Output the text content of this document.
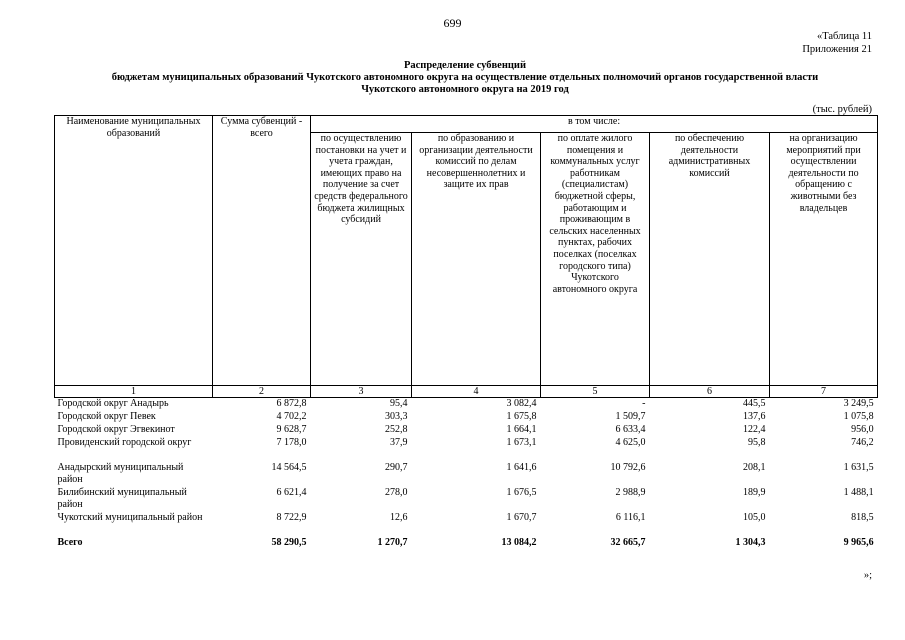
699
«Таблица 11
Приложения 21
Распределение субвенций
бюджетам муниципальных образований Чукотского автономного округа на осуществление отдельных полномочий органов государственной власти
Чукотского автономного округа на 2019 год
(тыс. рублей)
Наименование муниципальных образований	Сумма субвенций - всего	в том числе:				
		по осуществлению постановки на учет и учета граждан, имеющих право на получение за счет средств федерального бюджета жилищных субсидий	по образованию и организации деятельности комиссий по делам несовершеннолетних и защите их прав	по оплате жилого помещения и коммунальных услуг работникам (специалистам) бюджетной сферы, работающим и проживающим в сельских населенных пунктах, рабочих поселках (поселках городского типа) Чукотского автономного округа	по обеспечению деятельности административных комиссий	на организацию мероприятий при осуществлении деятельности по обращению с животными без владельцев
1	2	3	4	5	6	7
Городской округ Анадырь	6 872,8	95,4	3 082,4	-	445,5	3 249,5
Городской округ Певек	4 702,2	303,3	1 675,8	1 509,7	137,6	1 075,8
Городской округ Эгвекинот	9 628,7	252,8	1 664,1	6 633,4	122,4	956,0
Провиденский городской округ	7 178,0	37,9	1 673,1	4 625,0	95,8	746,2
Анадырский муниципальный район	14 564,5	290,7	1 641,6	10 792,6	208,1	1 631,5
Билибинский муниципальный район	6 621,4	278,0	1 676,5	2 988,9	189,9	1 488,1
Чукотский муниципальный район	8 722,9	12,6	1 670,7	6 116,1	105,0	818,5
Всего	58 290,5	1 270,7	13 084,2	32 665,7	1 304,3	9 965,6
»;
